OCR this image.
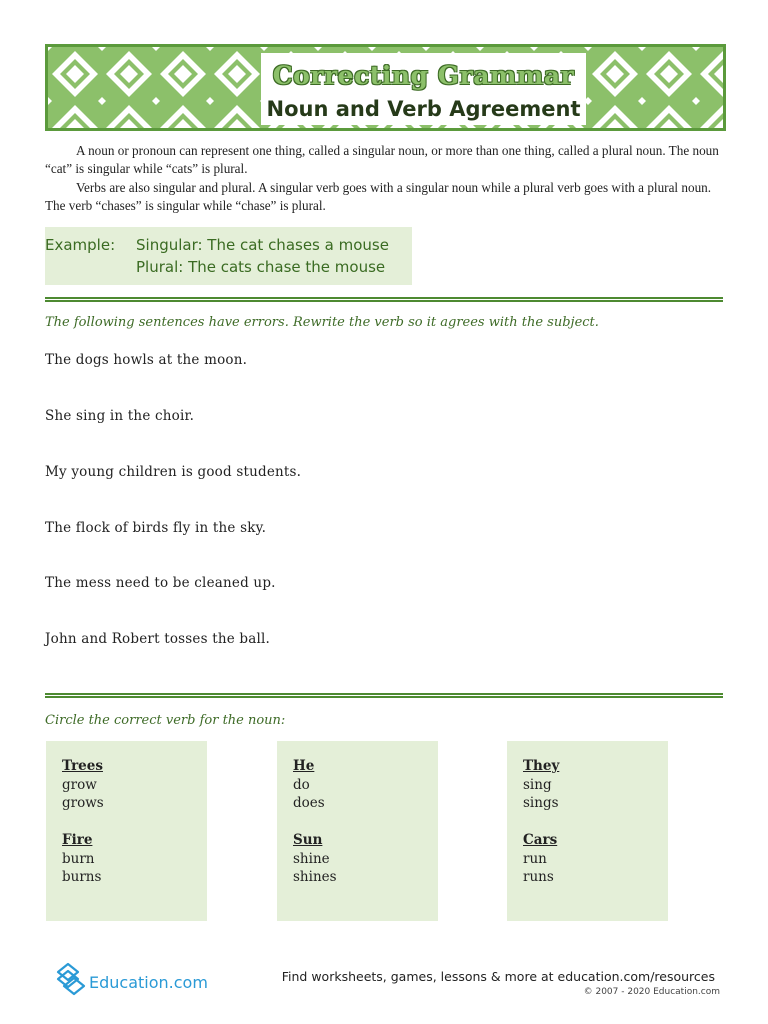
Correcting Grammar
Noun and Verb Agreement

A noun or pronoun can represent one thing, called a singular noun, or more than one thing, called a plural noun. The noun “cat” is singular while “cats” is plural.

Verbs are also singular and plural. A singular verb goes with a singular noun while a plural verb goes with a plural noun. The verb “chases” is singular while “chase” is plural.

Example: Singular: The cat chases a mouse
Plural: The cats chase the mouse
The following sentences have errors. Rewrite the verb so it agrees with the subject.
The dogs howls at the moon.
She sing in the choir.
My young children is good students.
The flock of birds fly in the sky.
The mess need to be cleaned up.
John and Robert tosses the ball.
Circle the correct verb for the noun:
Trees
grow
grows
Fire
burn
burns
He
do
does
Sun
shine
shines
They
sing
sings
Cars
run
runs
Education.com	Find worksheets, games, lessons & more at education.com/resources
© 2007 - 2020 Education.com
